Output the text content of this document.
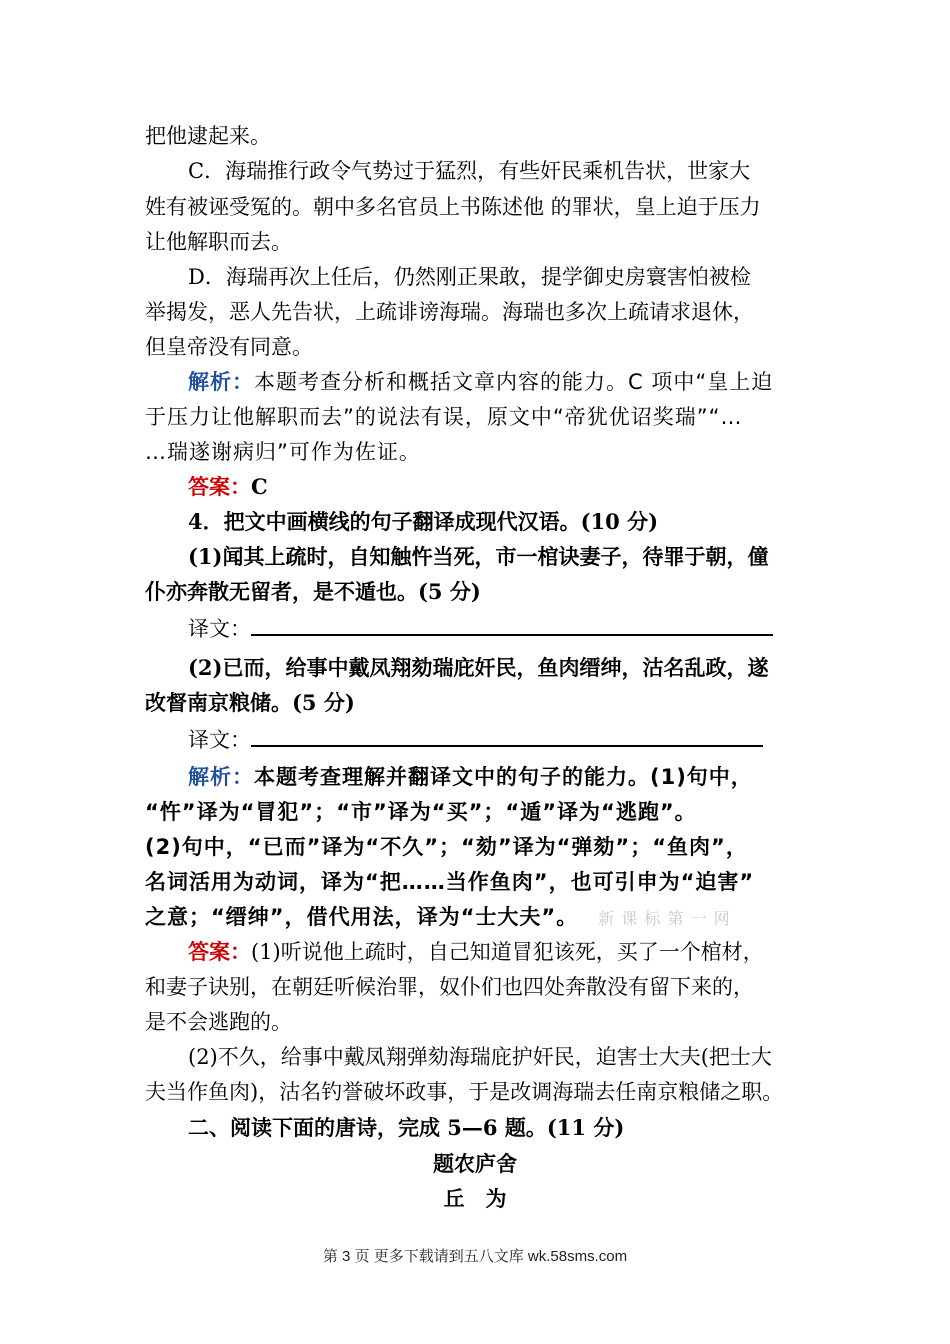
把他逮起来。
C．海瑞推行政令气势过于猛烈，有些奸民乘机告状，世家大
姓有被诬受冤的。朝中多名官员上书陈述他 的罪状，皇上迫于压力
让他解职而去。
D．海瑞再次上任后，仍然刚正果敢，提学御史房寰害怕被检
举揭发，恶人先告状，上疏诽谤海瑞。海瑞也多次上疏请求退休，
但皇帝没有同意。
解析：本题考查分析和概括文章内容的能力。C 项中“皇上迫
于压力让他解职而去”的说法有误，原文中“帝犹优诏奖瑞”“…
…瑞遂谢病归”可作为佐证。
答案：C
4．把文中画横线的句子翻译成现代汉语。(10 分)
(1)闻其上疏时，自知触忤当死，市一棺诀妻子，待罪于朝，僮
仆亦奔散无留者，是不遁也。(5 分)
译文：
(2)已而，给事中戴凤翔劾瑞庇奸民，鱼肉缙绅，沽名乱政，遂
改督南京粮储。(5 分)
译文：
解析：本题考查理解并翻译文中的句子的能力。(1)句中，
“忤”译为“冒犯”；“市”译为“买”；“遁”译为“逃跑”。
(2)句中，“已而”译为“不久”；“劾”译为“弹劾”；“鱼肉”，
名词活用为动词，译为“把……当作鱼肉”，也可引申为“迫害”
之意；“缙绅”，借代用法，译为“士大夫”。 新 课 标 第 一 网
答案：(1)听说他上疏时，自己知道冒犯该死，买了一个棺材，
和妻子诀别，在朝廷听候治罪，奴仆们也四处奔散没有留下来的，
是不会逃跑的。
(2)不久，给事中戴凤翔弹劾海瑞庇护奸民，迫害士大夫(把士大
夫当作鱼肉)，沽名钓誉破坏政事，于是改调海瑞去任南京粮储之职。
二、阅读下面的唐诗，完成 5—6 题。(11 分)
题农庐舍
丘　为
第 3 页 更多下载请到五八文库 wk.58sms.com
